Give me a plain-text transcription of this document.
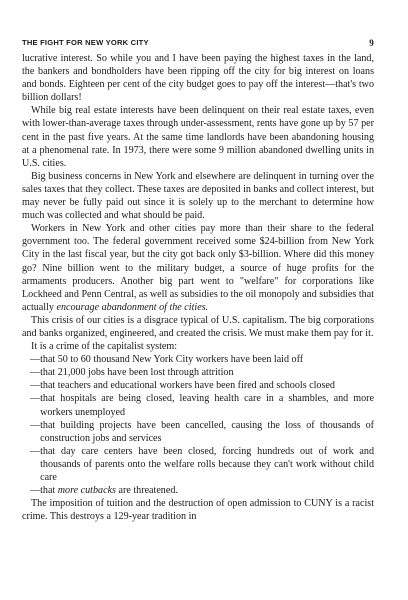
THE FIGHT FOR NEW YORK CITY	9

lucrative interest. So while you and I have been paying the highest taxes in the land, the bankers and bondholders have been ripping off the city for big interest on loans and bonds. Eighteen per cent of the city budget goes to pay off the interest—that's two billion dollars!

While big real estate interests have been delinquent on their real estate taxes, even with lower-than-average taxes through under-assessment, rents have gone up by 57 per cent in the past five years. At the same time landlords have been abandoning housing at a phenomenal rate. In 1973, there were some 9 million abandoned dwelling units in U.S. cities.

Big business concerns in New York and elsewhere are delinquent in turning over the sales taxes that they collect. These taxes are deposited in banks and collect interest, but may never be fully paid out since it is solely up to the merchant to determine how much was collected and what should be paid.

Workers in New York and other cities pay more than their share to the federal government too. The federal government received some $24-billion from New York City in the last fiscal year, but the city got back only $3-billion. Where did this money go? Nine billion went to the military budget, a source of huge profits for the armaments producers. Another big part went to "welfare" for corporations like Lockheed and Penn Central, as well as subsidies to the oil monopoly and subsidies that actually encourage abandonment of the cities.

This crisis of our cities is a disgrace typical of U.S. capitalism. The big corporations and banks organized, engineered, and created the crisis. We must make them pay for it.

It is a crime of the capitalist system:

— that 50 to 60 thousand New York City workers have been laid off
— that 21,000 jobs have been lost through attrition
— that teachers and educational workers have been fired and schools closed
— that hospitals are being closed, leaving health care in a shambles, and more workers unemployed
— that building projects have been cancelled, causing the loss of thousands of construction jobs and services
— that day care centers have been closed, forcing hundreds out of work and thousands of parents onto the welfare rolls because they can't work without child care
— that more cutbacks are threatened.

The imposition of tuition and the destruction of open admission to CUNY is a racist crime. This destroys a 129-year tradition in
